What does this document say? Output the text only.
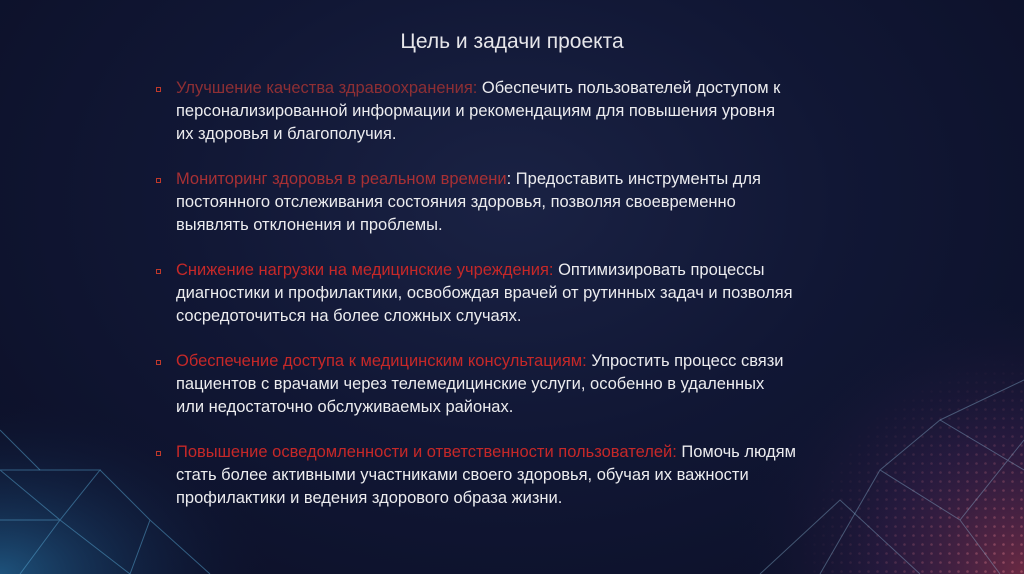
Цель и задачи проекта
Улучшение качества здравоохранения: Обеспечить пользователей доступом к персонализированной информации и рекомендациям для повышения уровня их здоровья и благополучия.
Мониторинг здоровья в реальном времени: Предоставить инструменты для постоянного отслеживания состояния здоровья, позволяя своевременно выявлять отклонения и проблемы.
Снижение нагрузки на медицинские учреждения: Оптимизировать процессы диагностики и профилактики, освобождая врачей от рутинных задач и позволяя сосредоточиться на более сложных случаях.
Обеспечение доступа к медицинским консультациям: Упростить процесс связи пациентов с врачами через телемедицинские услуги, особенно в удаленных или недостаточно обслуживаемых районах.
Повышение осведомленности и ответственности пользователей: Помочь людям стать более активными участниками своего здоровья, обучая их важности профилактики и ведения здорового образа жизни.
